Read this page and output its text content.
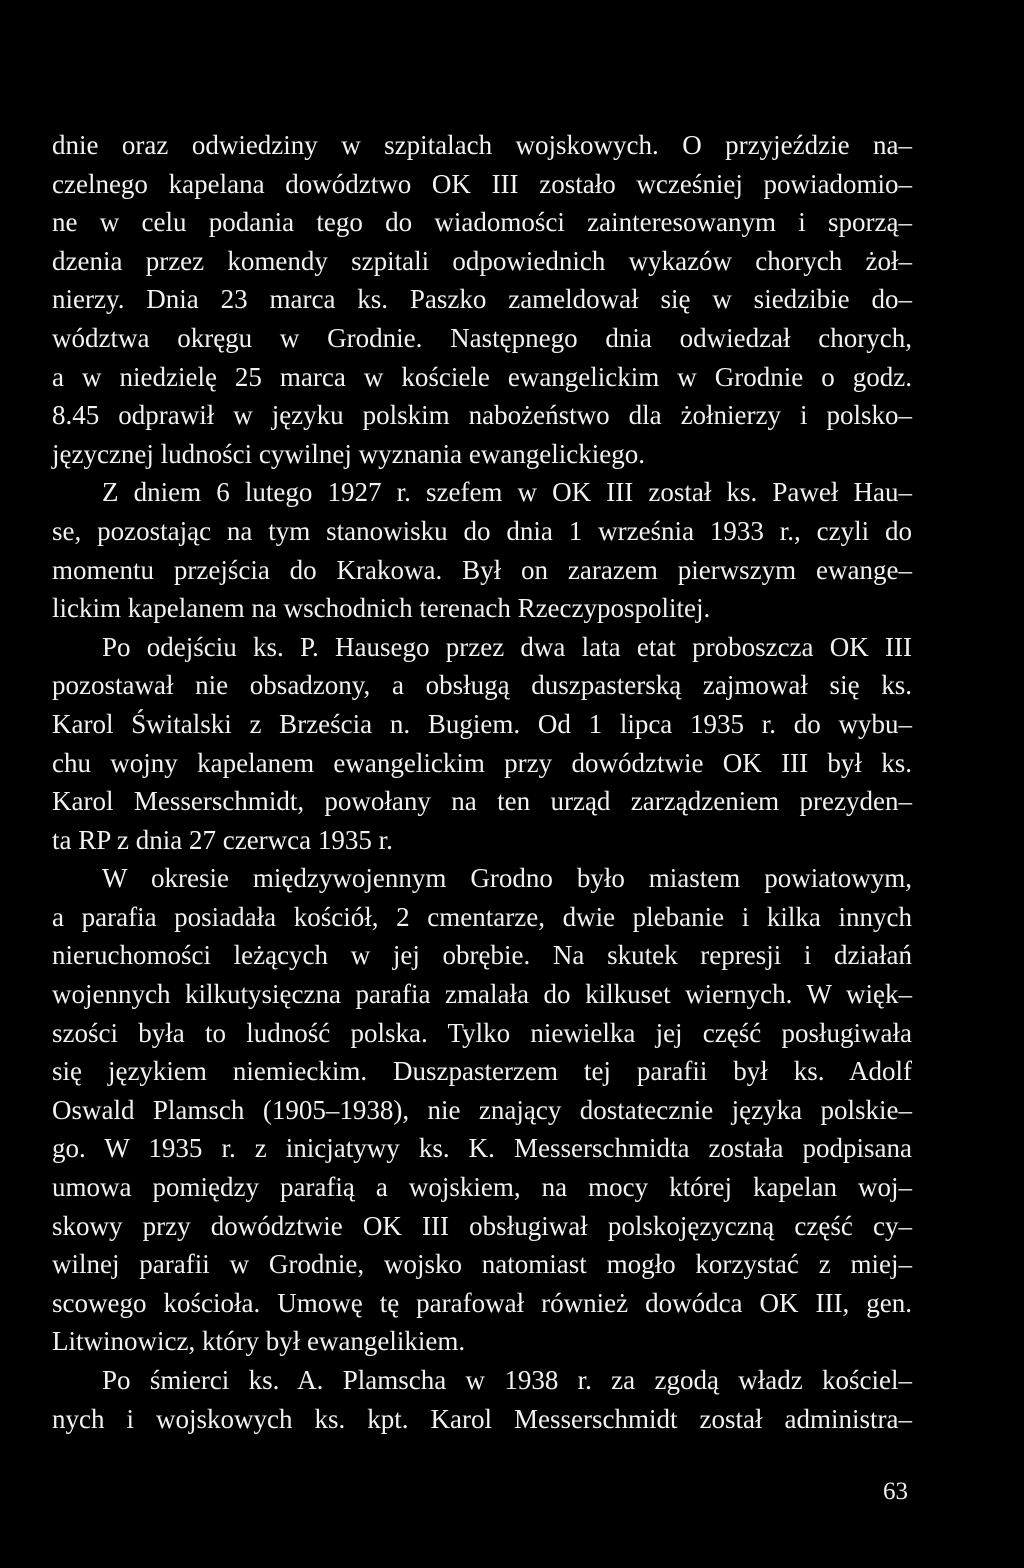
dnie oraz odwiedziny w szpitalach wojskowych. O przyjeździe na–
czelnego kapelana dowództwo OK III zostało wcześniej powiadomio–
ne w celu podania tego do wiadomości zainteresowanym i sporzą–
dzenia przez komendy szpitali odpowiednich wykazów chorych żoł–
nierzy. Dnia 23 marca ks. Paszko zameldował się w siedzibie do–
wództwa okręgu w Grodnie. Następnego dnia odwiedzał chorych,
a w niedzielę 25 marca w kościele ewangelickim w Grodnie o godz.
8.45 odprawił w języku polskim nabożeństwo dla żołnierzy i polsko–
języcznej ludności cywilnej wyznania ewangelickiego.
Z dniem 6 lutego 1927 r. szefem w OK III został ks. Paweł Hau–
se, pozostając na tym stanowisku do dnia 1 września 1933 r., czyli do
momentu przejścia do Krakowa. Był on zarazem pierwszym ewange–
lickim kapelanem na wschodnich terenach Rzeczypospolitej.
Po odejściu ks. P. Hausego przez dwa lata etat proboszcza OK III
pozostawał nie obsadzony, a obsługą duszpasterską zajmował się ks.
Karol Świtalski z Brześcia n. Bugiem. Od 1 lipca 1935 r. do wybu–
chu wojny kapelanem ewangelickim przy dowództwie OK III był ks.
Karol Messerschmidt, powołany na ten urząd zarządzeniem prezyden–
ta RP z dnia 27 czerwca 1935 r.
W okresie międzywojennym Grodno było miastem powiatowym,
a parafia posiadała kościół, 2 cmentarze, dwie plebanie i kilka innych
nieruchomości leżących w jej obrębie. Na skutek represji i działań
wojennych kilkutysięczna parafia zmalała do kilkuset wiernych. W więk–
szości była to ludność polska. Tylko niewielka jej część posługiwała
się językiem niemieckim. Duszpasterzem tej parafii był ks. Adolf
Oswald Plamsch (1905–1938), nie znający dostatecznie języka polskie–
go. W 1935 r. z inicjatywy ks. K. Messerschmidta została podpisana
umowa pomiędzy parafią a wojskiem, na mocy której kapelan woj–
skowy przy dowództwie OK III obsługiwał polskojęzyczną część cy–
wilnej parafii w Grodnie, wojsko natomiast mogło korzystać z miej–
scowego kościoła. Umowę tę parafował również dowódca OK III, gen.
Litwinowicz, który był ewangelikiem.
Po śmierci ks. A. Plamscha w 1938 r. za zgodą władz kościel–
nych i wojskowych ks. kpt. Karol Messerschmidt został administra–
63
